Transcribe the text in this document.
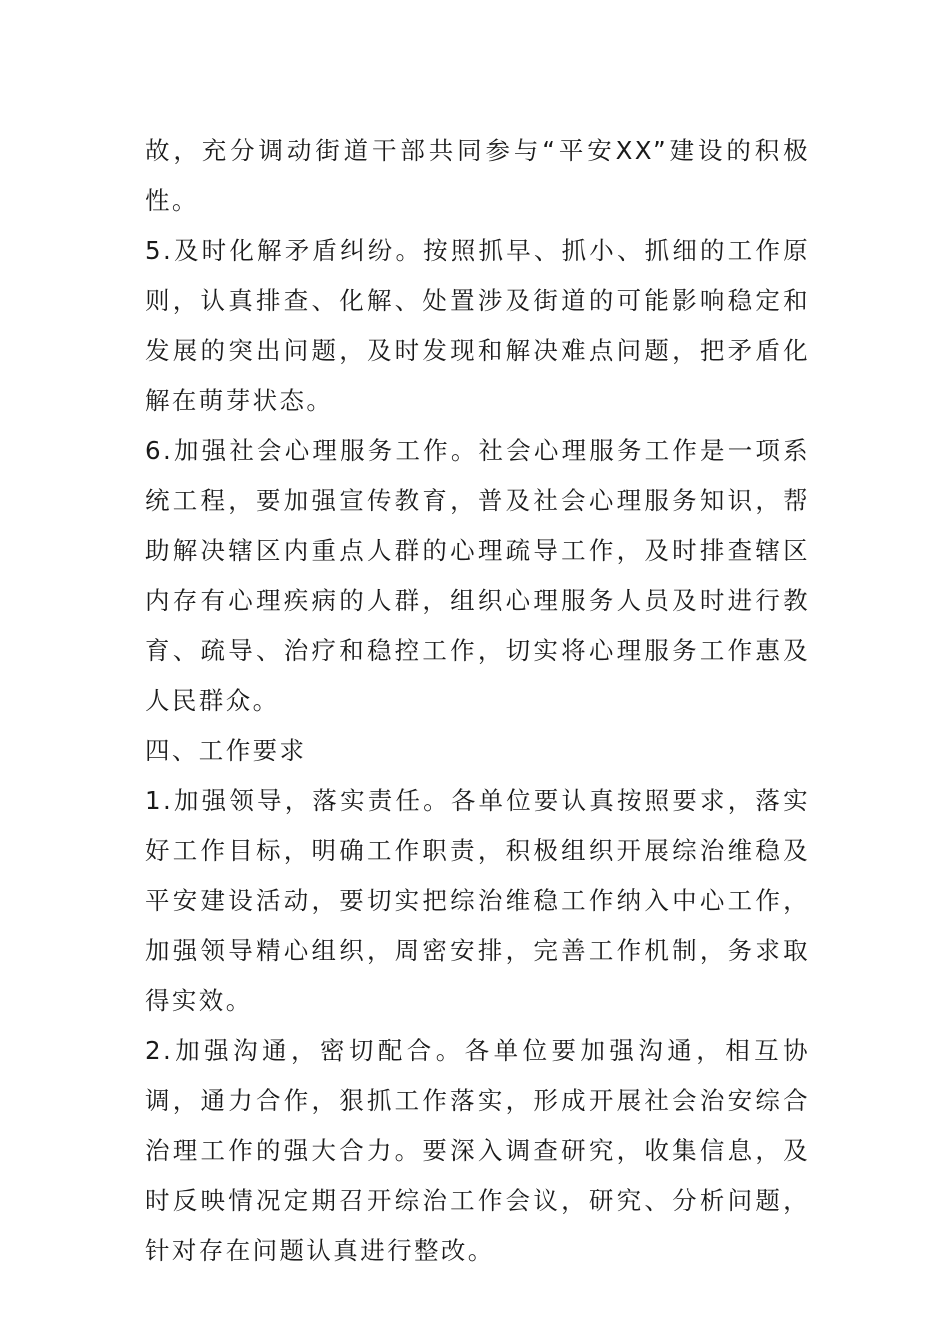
故，充分调动街道干部共同参与“平安XX”建设的积极性。

5.及时化解矛盾纠纷。按照抓早、抓小、抓细的工作原则，认真排查、化解、处置涉及街道的可能影响稳定和发展的突出问题，及时发现和解决难点问题，把矛盾化解在萌芽状态。

6.加强社会心理服务工作。社会心理服务工作是一项系统工程，要加强宣传教育，普及社会心理服务知识，帮助解决辖区内重点人群的心理疏导工作，及时排查辖区内存有心理疾病的人群，组织心理服务人员及时进行教育、疏导、治疗和稳控工作，切实将心理服务工作惠及人民群众。

四、工作要求

1.加强领导，落实责任。各单位要认真按照要求，落实好工作目标，明确工作职责，积极组织开展综治维稳及平安建设活动，要切实把综治维稳工作纳入中心工作，加强领导精心组织，周密安排，完善工作机制，务求取得实效。

2.加强沟通，密切配合。各单位要加强沟通，相互协调，通力合作，狠抓工作落实，形成开展社会治安综合治理工作的强大合力。要深入调查研究，收集信息，及时反映情况定期召开综治工作会议，研究、分析问题，针对存在问题认真进行整改。
